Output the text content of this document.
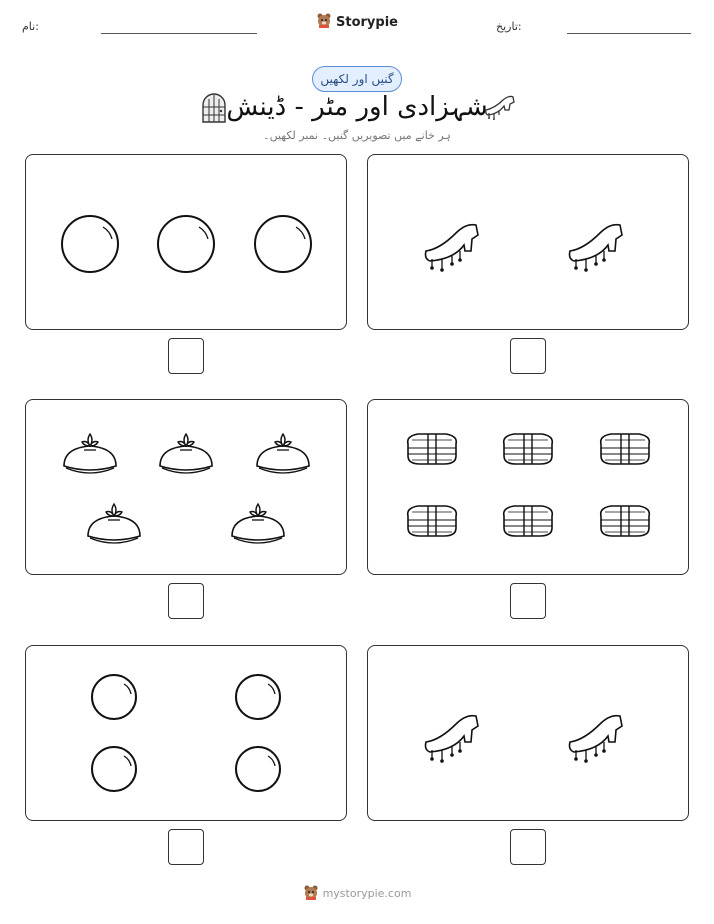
نام:	Storypie	تاریخ:
گنیں اور لکھیں
شہزادی اور مٹر - ڈینش
ہر خانے میں تصویریں گنیں۔ نمبر لکھیں۔
mystorypie.com
